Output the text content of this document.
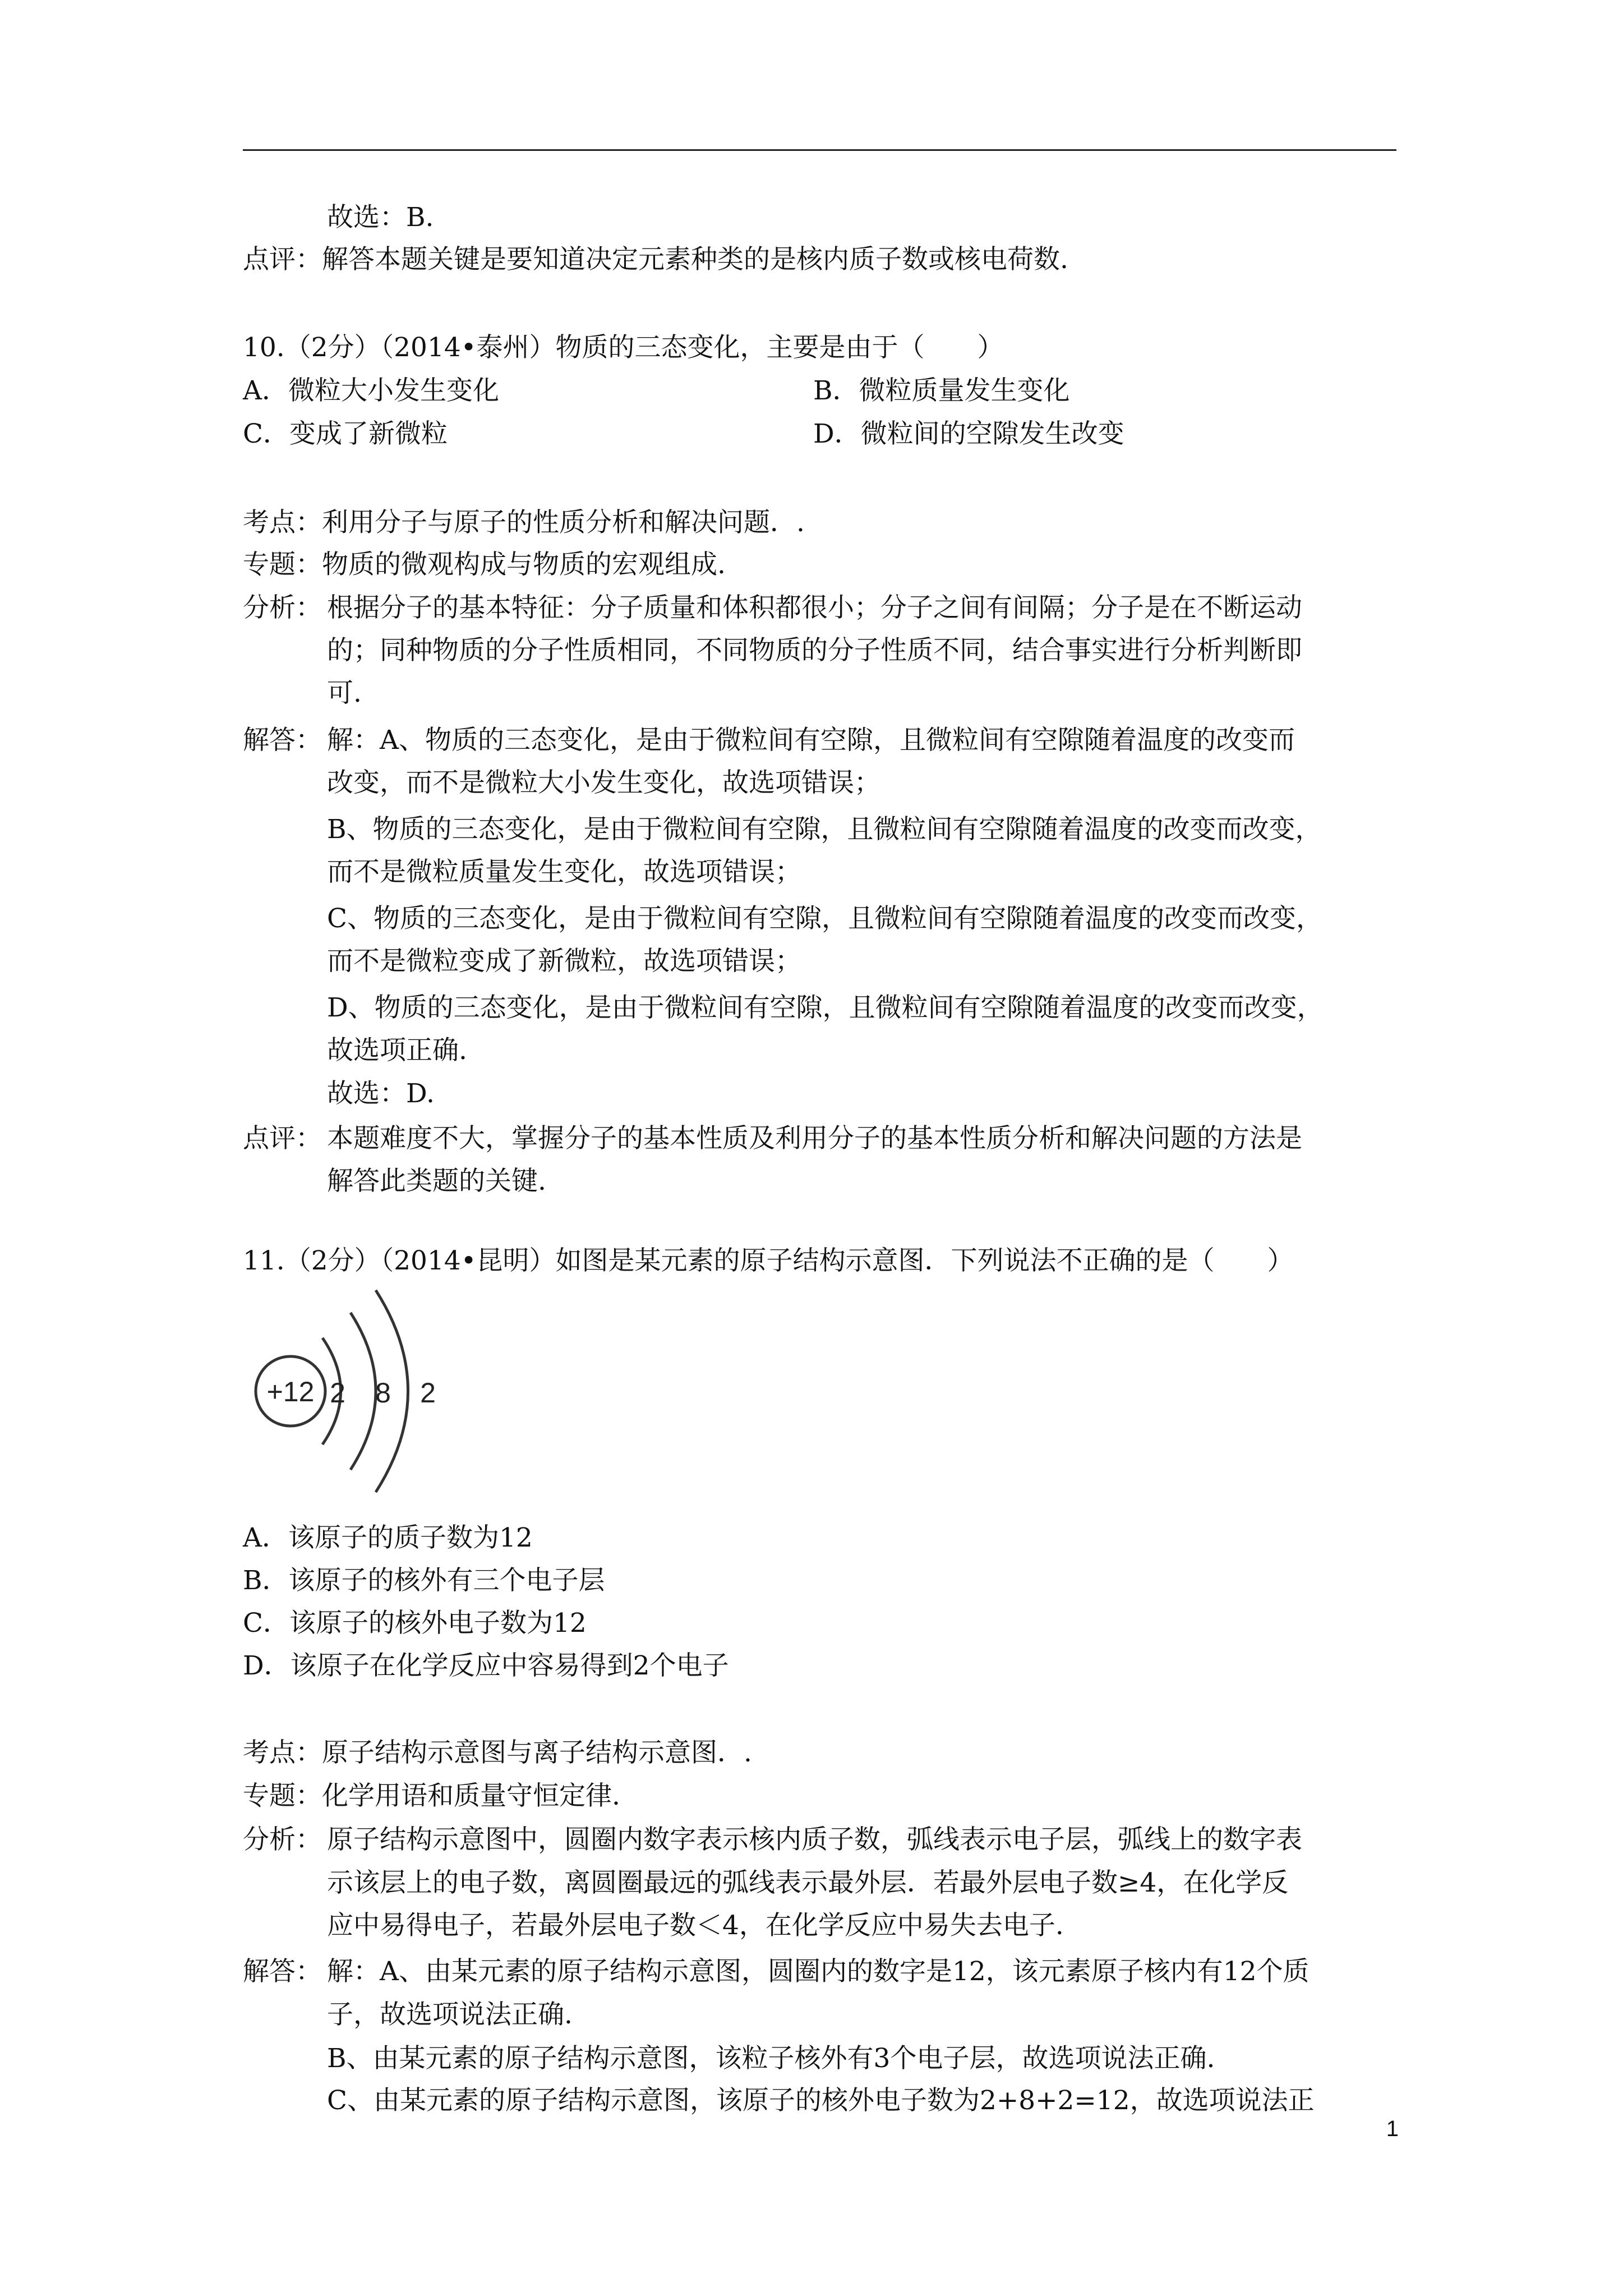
故选：B.
点评：解答本题关键是要知道决定元素种类的是核内质子数或核电荷数.
10.（2分）（2014•泰州）物质的三态变化，主要是由于（　　）
A．微粒大小发生变化	B．微粒质量发生变化
C．变成了新微粒	D．微粒间的空隙发生改变
考点：利用分子与原子的性质分析和解决问题．.
专题：物质的微观构成与物质的宏观组成.
分析： 根据分子的基本特征：分子质量和体积都很小；分子之间有间隔；分子是在不断运动
的；同种物质的分子性质相同，不同物质的分子性质不同，结合事实进行分析判断即
可.
解答： 解：A、物质的三态变化，是由于微粒间有空隙，且微粒间有空隙随着温度的改变而
改变，而不是微粒大小发生变化，故选项错误；
B、物质的三态变化，是由于微粒间有空隙，且微粒间有空隙随着温度的改变而改变，
而不是微粒质量发生变化，故选项错误；
C、物质的三态变化，是由于微粒间有空隙，且微粒间有空隙随着温度的改变而改变，
而不是微粒变成了新微粒，故选项错误；
D、物质的三态变化，是由于微粒间有空隙，且微粒间有空隙随着温度的改变而改变，
故选项正确.
故选：D.
点评： 本题难度不大，掌握分子的基本性质及利用分子的基本性质分析和解决问题的方法是
解答此类题的关键.
11.（2分）（2014•昆明）如图是某元素的原子结构示意图．下列说法不正确的是（　　）
+12 2 8 2
A．该原子的质子数为12
B．该原子的核外有三个电子层
C．该原子的核外电子数为12
D．该原子在化学反应中容易得到2个电子
考点：原子结构示意图与离子结构示意图．.
专题：化学用语和质量守恒定律.
分析： 原子结构示意图中，圆圈内数字表示核内质子数，弧线表示电子层，弧线上的数字表
示该层上的电子数，离圆圈最远的弧线表示最外层．若最外层电子数≥4，在化学反
应中易得电子，若最外层电子数＜4，在化学反应中易失去电子.
解答： 解：A、由某元素的原子结构示意图，圆圈内的数字是12，该元素原子核内有12个质
子，故选项说法正确.
B、由某元素的原子结构示意图，该粒子核外有3个电子层，故选项说法正确.
C、由某元素的原子结构示意图，该原子的核外电子数为2+8+2=12，故选项说法正
1
